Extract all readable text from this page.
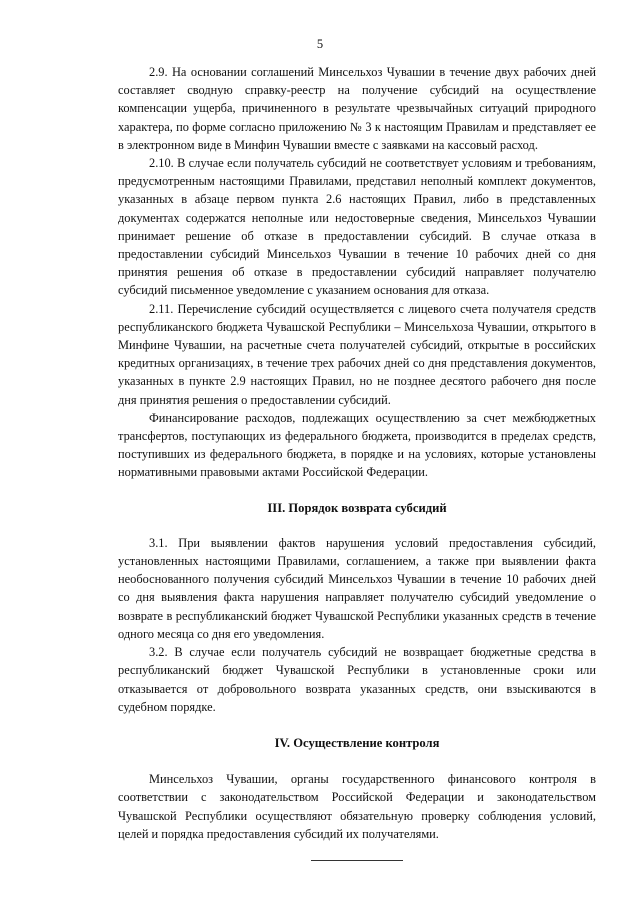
5

2.9. На основании соглашений Минсельхоз Чувашии в течение двух рабочих дней составляет сводную справку-реестр на получение субсидий на осуществление компенсации ущерба, причиненного в результате чрезвычайных ситуаций природного характера, по форме согласно приложению № 3 к настоящим Правилам и представляет ее в электронном виде в Минфин Чувашии вместе с заявками на кассовый расход.

2.10. В случае если получатель субсидий не соответствует условиям и требованиям, предусмотренным настоящими Правилами, представил неполный комплект документов, указанных в абзаце первом пункта 2.6 настоящих Правил, либо в представленных документах содержатся неполные или недостоверные сведения, Минсельхоз Чувашии принимает решение об отказе в предоставлении субсидий. В случае отказа в предоставлении субсидий Минсельхоз Чувашии в течение 10 рабочих дней со дня принятия решения об отказе в предоставлении субсидий направляет получателю субсидий письменное уведомление с указанием основания для отказа.

2.11. Перечисление субсидий осуществляется с лицевого счета получателя средств республиканского бюджета Чувашской Республики – Минсельхоза Чувашии, открытого в Минфине Чувашии, на расчетные счета получателей субсидий, открытые в российских кредитных организациях, в течение трех рабочих дней со дня представления документов, указанных в пункте 2.9 настоящих Правил, но не позднее десятого рабочего дня после дня принятия решения о предоставлении субсидий.

Финансирование расходов, подлежащих осуществлению за счет межбюджетных трансфертов, поступающих из федерального бюджета, производится в пределах средств, поступивших из федерального бюджета, в порядке и на условиях, которые установлены нормативными правовыми актами Российской Федерации.

III. Порядок возврата субсидий

3.1. При выявлении фактов нарушения условий предоставления субсидий, установленных настоящими Правилами, соглашением, а также при выявлении факта необоснованного получения субсидий Минсельхоз Чувашии в течение 10 рабочих дней со дня выявления факта нарушения направляет получателю субсидий уведомление о возврате в республиканский бюджет Чувашской Республики указанных средств в течение одного месяца со дня его уведомления.

3.2. В случае если получатель субсидий не возвращает бюджетные средства в республиканский бюджет Чувашской Республики в установленные сроки или отказывается от добровольного возврата указанных средств, они взыскиваются в судебном порядке.

IV. Осуществление контроля

Минсельхоз Чувашии, органы государственного финансового контроля в соответствии с законодательством Российской Федерации и законодательством Чувашской Республики осуществляют обязательную проверку соблюдения условий, целей и порядка предоставления субсидий их получателями.
